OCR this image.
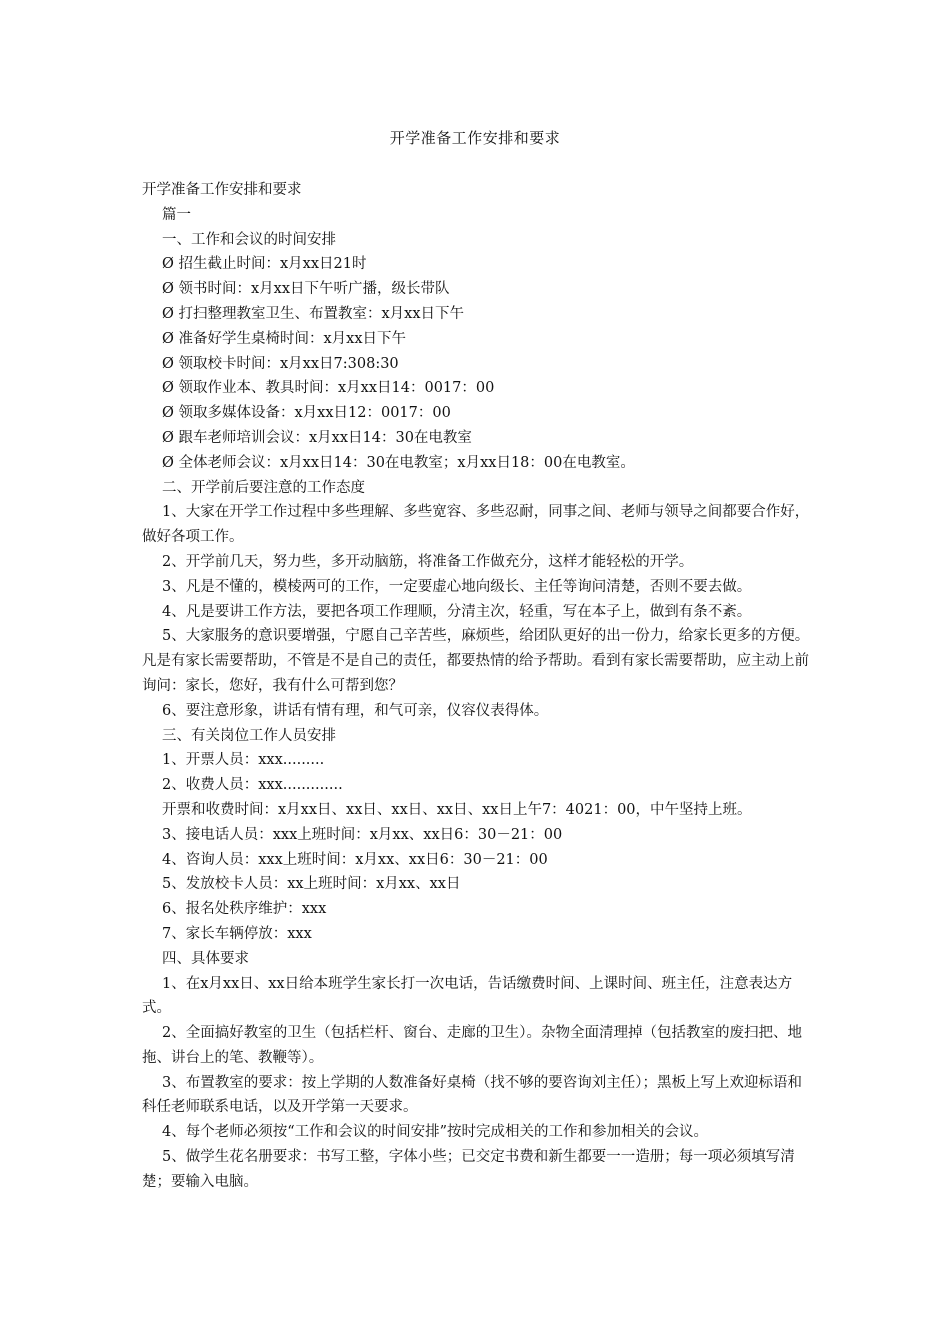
开学准备工作安排和要求
开学准备工作安排和要求
篇一
一、工作和会议的时间安排
Ø 招生截止时间：x月xx日21时
Ø 领书时间：x月xx日下午听广播，级长带队
Ø 打扫整理教室卫生、布置教室：x月xx日下午
Ø 准备好学生桌椅时间：x月xx日下午
Ø 领取校卡时间：x月xx日7:308:30
Ø 领取作业本、教具时间：x月xx日14：0017：00
Ø 领取多媒体设备：x月xx日12：0017：00
Ø 跟车老师培训会议：x月xx日14：30在电教室
Ø 全体老师会议：x月xx日14：30在电教室；x月xx日18：00在电教室。
二、开学前后要注意的工作态度
1、大家在开学工作过程中多些理解、多些宽容、多些忍耐，同事之间、老师与领导之间都要合作好，做好各项工作。
2、开学前几天，努力些，多开动脑筋，将准备工作做充分，这样才能轻松的开学。
3、凡是不懂的，模棱两可的工作，一定要虚心地向级长、主任等询问清楚，否则不要去做。
4、凡是要讲工作方法，要把各项工作理顺，分清主次，轻重，写在本子上，做到有条不紊。
5、大家服务的意识要增强，宁愿自己辛苦些，麻烦些，给团队更好的出一份力，给家长更多的方便。凡是有家长需要帮助，不管是不是自己的责任，都要热情的给予帮助。看到有家长需要帮助，应主动上前询问：家长，您好，我有什么可帮到您？
6、要注意形象，讲话有情有理，和气可亲，仪容仪表得体。
三、有关岗位工作人员安排
1、开票人员：xxx.........
2、收费人员：xxx.............
开票和收费时间：x月xx日、xx日、xx日、xx日、xx日上午7：4021：00，中午坚持上班。
3、接电话人员：xxx上班时间：x月xx、xx日6：30－21：00
4、咨询人员：xxx上班时间：x月xx、xx日6：30－21：00
5、发放校卡人员：xx上班时间：x月xx、xx日
6、报名处秩序维护：xxx
7、家长车辆停放：xxx
四、具体要求
1、在x月xx日、xx日给本班学生家长打一次电话，告话缴费时间、上课时间、班主任，注意表达方式。
2、全面搞好教室的卫生（包括栏杆、窗台、走廊的卫生）。杂物全面清理掉（包括教室的废扫把、地拖、讲台上的笔、教鞭等）。
3、布置教室的要求：按上学期的人数准备好桌椅（找不够的要咨询刘主任）；黑板上写上欢迎标语和科任老师联系电话，以及开学第一天要求。
4、每个老师必须按“工作和会议的时间安排”按时完成相关的工作和参加相关的会议。
5、做学生花名册要求：书写工整，字体小些；已交定书费和新生都要一一造册；每一项必须填写清楚；要输入电脑。
